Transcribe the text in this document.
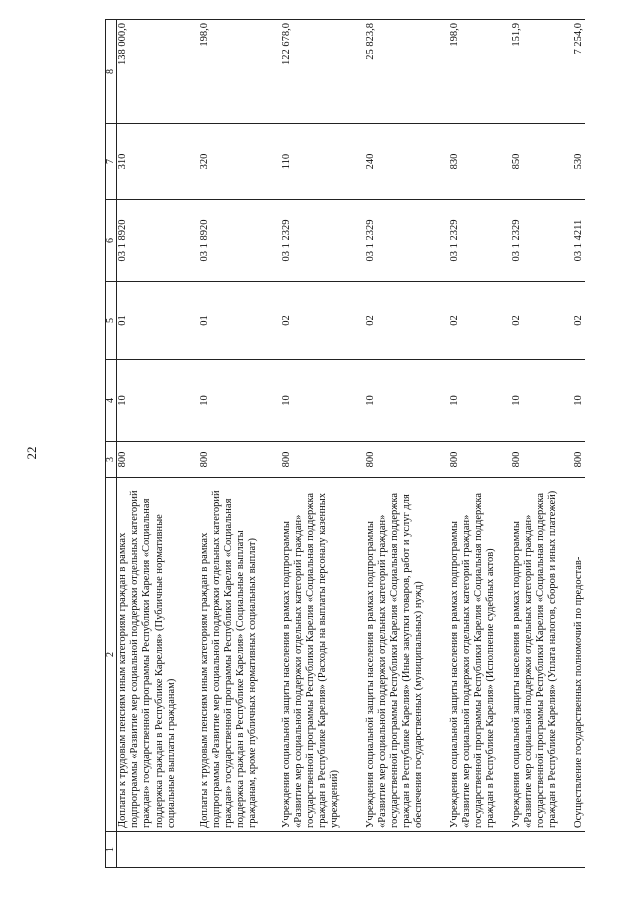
22
1	2	3	4	5	6	7	8
	Доплаты к трудовым пенсиям иным категориям граждан в рамках подпрограммы «Развитие мер социальной поддержки отдельных категорий граждан» государственной программы Республики Карелия «Социальная поддержка граждан в Республике Карелия» (Публичные нормативные социальные выплаты гражданам)	800	10	01	03 1 8920	310	138 000,0
	Доплаты к трудовым пенсиям иным категориям граждан в рамках подпрограммы «Развитие мер социальной поддержки отдельных категорий граждан» государственной программы Республики Карелия «Социальная поддержка граждан в Республике Карелия» (Социальные выплаты гражданам, кроме публичных нормативных социальных выплат)	800	10	01	03 1 8920	320	198,0
	Учреждения социальной защиты населения в рамках подпрограммы «Развитие мер социальной поддержки отдельных категорий граждан» государственной программы Республики Карелия «Социальная поддержка граждан в Республике Карелия» (Расходы на выплаты персоналу казенных учреждений)	800	10	02	03 1 2329	110	122 678,0
	Учреждения социальной защиты населения в рамках подпрограммы «Развитие мер социальной поддержки отдельных категорий граждан» государственной программы Республики Карелия «Социальная поддержка граждан в Республике Карелия» (Иные закупки товаров, работ и услуг для обеспечения государственных (муниципальных) нужд)	800	10	02	03 1 2329	240	25 823,8
	Учреждения социальной защиты населения в рамках подпрограммы «Развитие мер социальной поддержки отдельных категорий граждан» государственной программы Республики Карелия «Социальная поддержка граждан в Республике Карелия» (Исполнение судебных актов)	800	10	02	03 1 2329	830	198,0
	Учреждения социальной защиты населения в рамках подпрограммы «Развитие мер социальной поддержки отдельных категорий граждан» государственной программы Республики Карелия «Социальная поддержка граждан в Республике Карелия» (Уплата налогов, сборов и иных платежей)	800	10	02	03 1 2329	850	151,9
	Осуществление государственных полномочий по предостав-	800	10	02	03 1 4211	530	7 254,0
